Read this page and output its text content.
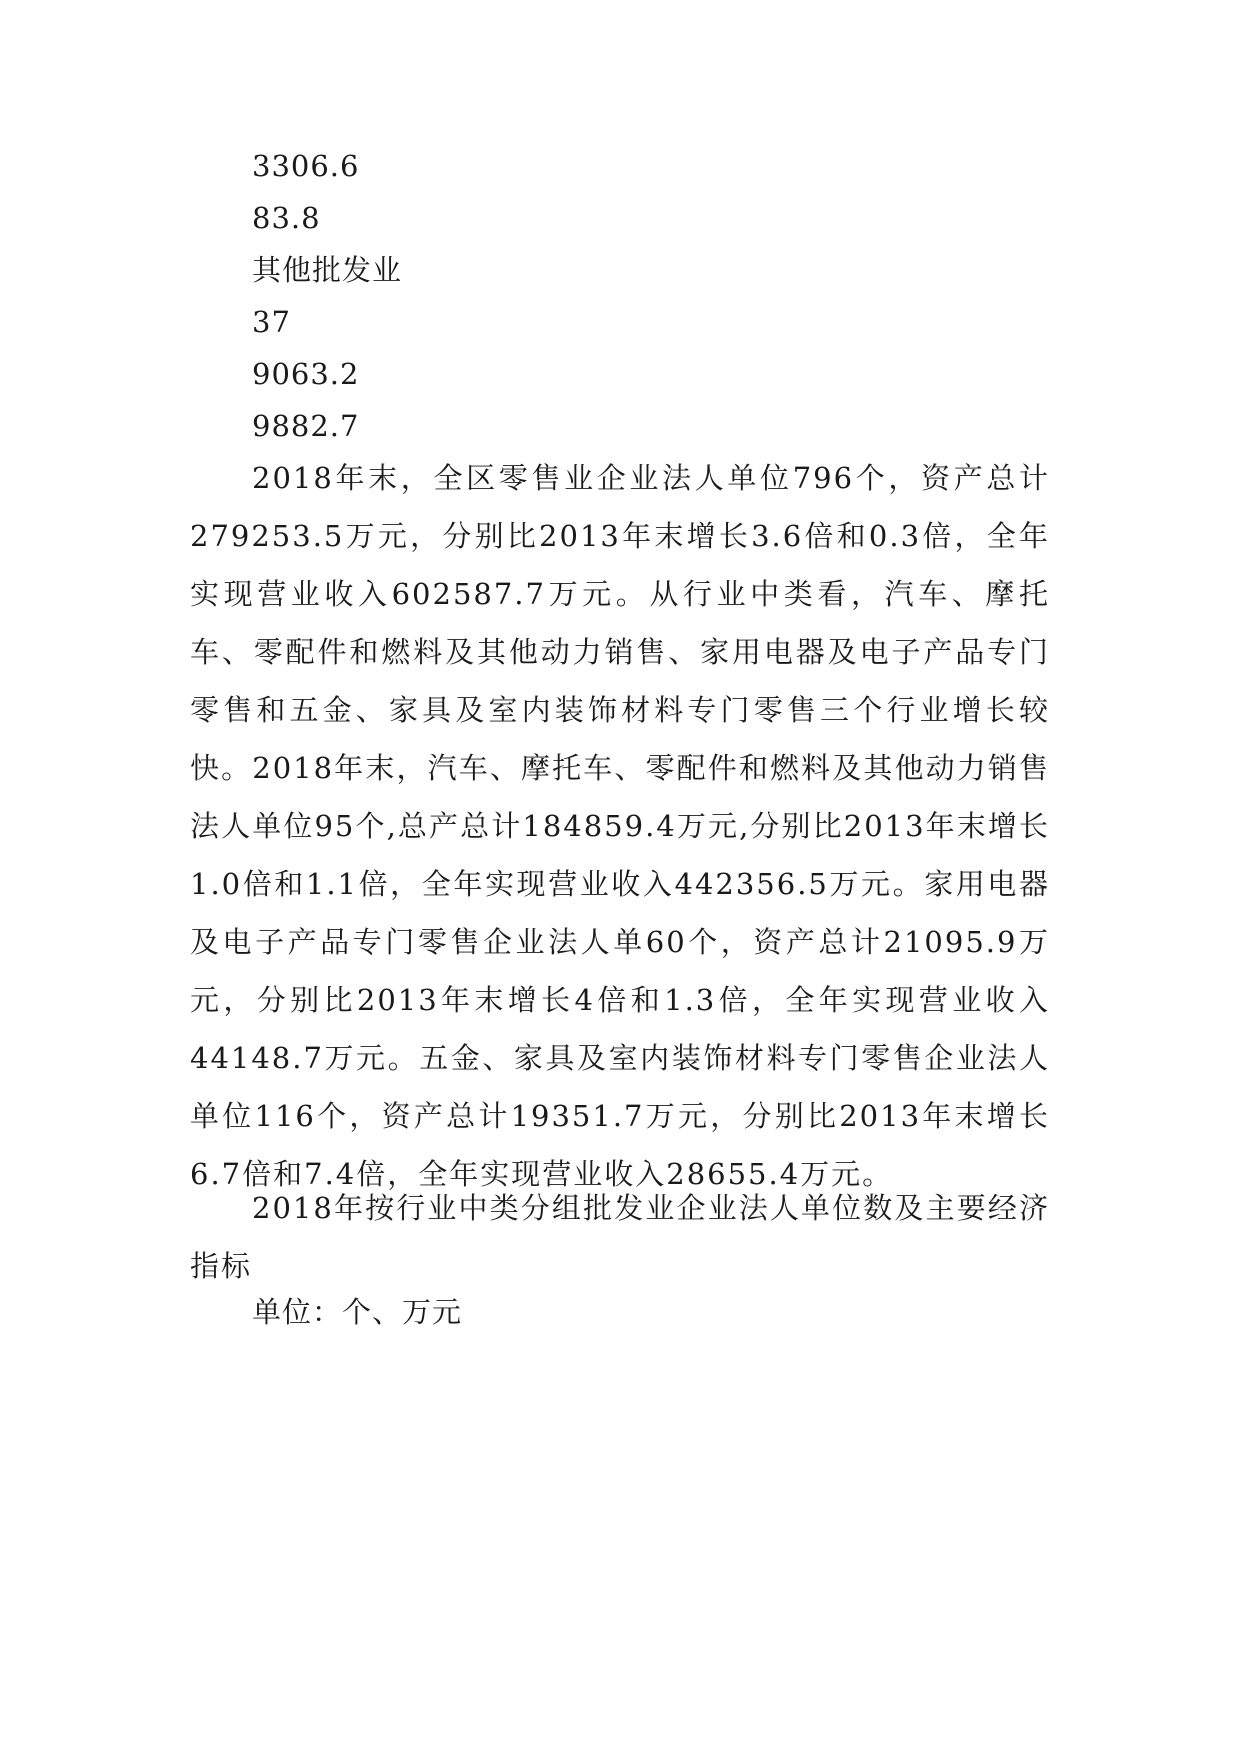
3306.6
83.8
其他批发业
37
9063.2
9882.7

2018年末，全区零售业企业法人单位796个，资产总计279253.5万元，分别比2013年末增长3.6倍和0.3倍，全年实现营业收入602587.7万元。从行业中类看，汽车、摩托车、零配件和燃料及其他动力销售、家用电器及电子产品专门零售和五金、家具及室内装饰材料专门零售三个行业增长较快。2018年末，汽车、摩托车、零配件和燃料及其他动力销售法人单位95个,总产总计184859.4万元,分别比2013年末增长1.0倍和1.1倍，全年实现营业收入442356.5万元。家用电器及电子产品专门零售企业法人单60个，资产总计21095.9万元，分别比2013年末增长4倍和1.3倍，全年实现营业收入44148.7万元。五金、家具及室内装饰材料专门零售企业法人单位116个，资产总计19351.7万元，分别比2013年末增长6.7倍和7.4倍，全年实现营业收入28655.4万元。

2018年按行业中类分组批发业企业法人单位数及主要经济指标

单位：个、万元
